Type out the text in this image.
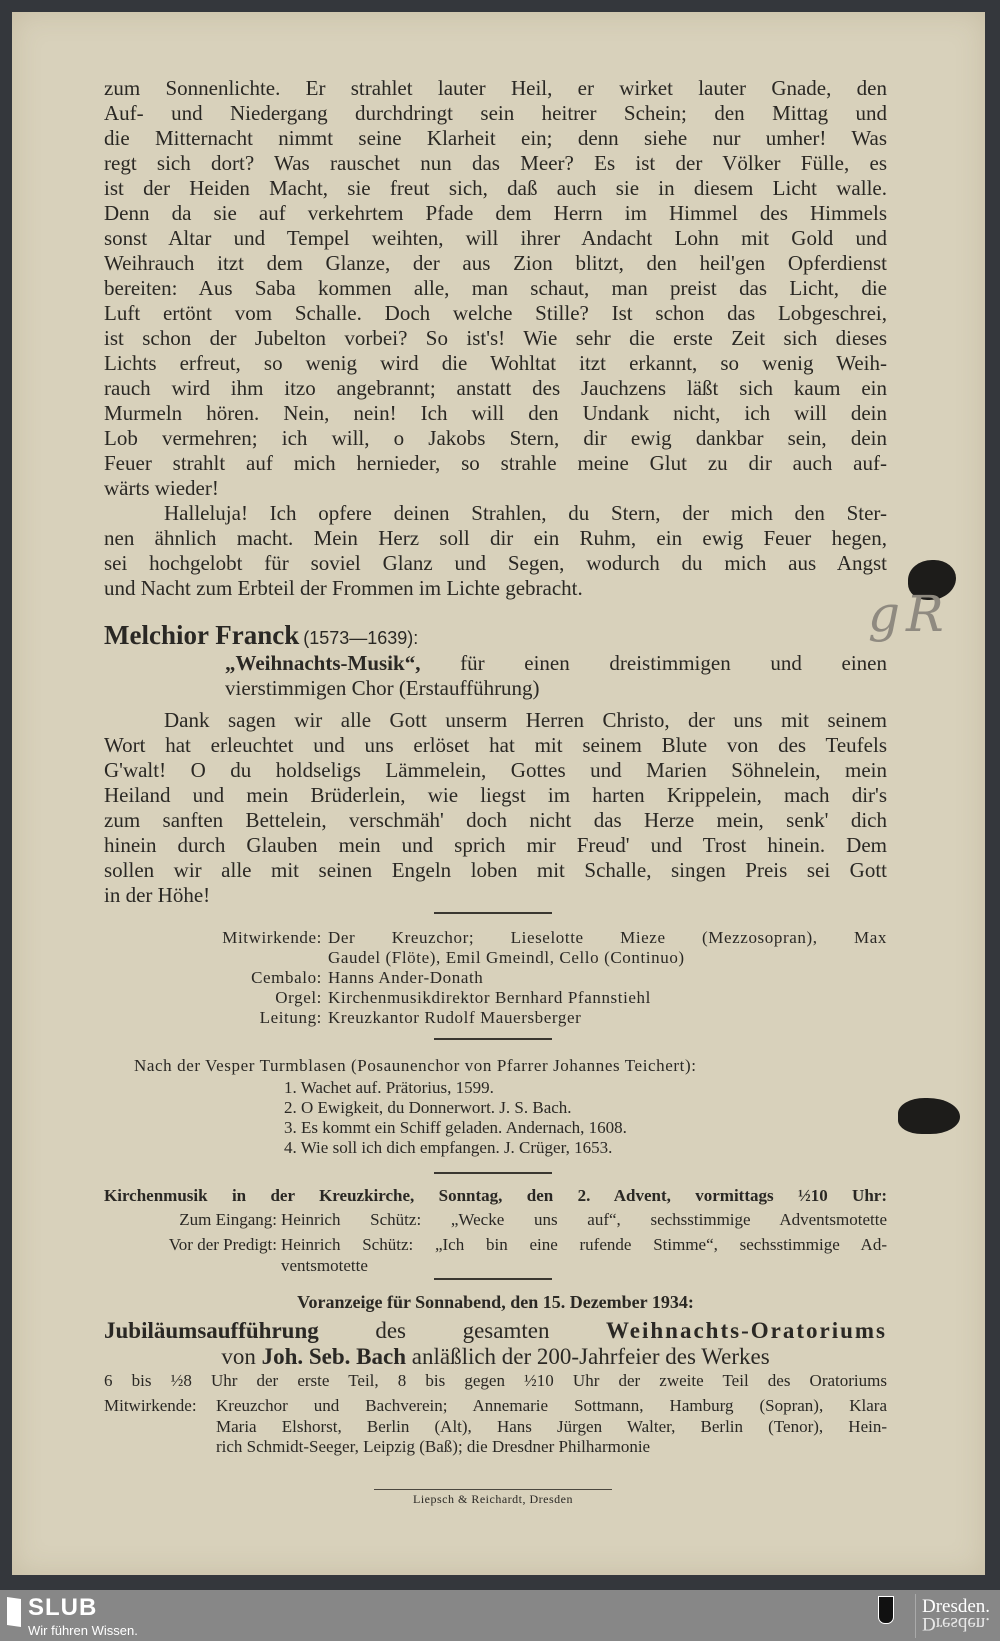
zum Sonnenlichte. Er strahlet lauter Heil, er wirket lauter Gnade, den
Auf- und Niedergang durchdringt sein heitrer Schein; den Mittag und
die Mitternacht nimmt seine Klarheit ein; denn siehe nur umher! Was
regt sich dort? Was rauschet nun das Meer? Es ist der Völker Fülle, es
ist der Heiden Macht, sie freut sich, daß auch sie in diesem Licht walle.
Denn da sie auf verkehrtem Pfade dem Herrn im Himmel des Himmels
sonst Altar und Tempel weihten, will ihrer Andacht Lohn mit Gold und
Weihrauch itzt dem Glanze, der aus Zion blitzt, den heil'gen Opferdienst
bereiten: Aus Saba kommen alle, man schaut, man preist das Licht, die
Luft ertönt vom Schalle. Doch welche Stille? Ist schon das Lobgeschrei,
ist schon der Jubelton vorbei? So ist's! Wie sehr die erste Zeit sich dieses
Lichts erfreut, so wenig wird die Wohltat itzt erkannt, so wenig Weih-
rauch wird ihm itzo angebrannt; anstatt des Jauchzens läßt sich kaum ein
Murmeln hören. Nein, nein! Ich will den Undank nicht, ich will dein
Lob vermehren; ich will, o Jakobs Stern, dir ewig dankbar sein, dein
Feuer strahlt auf mich hernieder, so strahle meine Glut zu dir auch auf-
wärts wieder!
Halleluja! Ich opfere deinen Strahlen, du Stern, der mich den Ster-
nen ähnlich macht. Mein Herz soll dir ein Ruhm, ein ewig Feuer hegen,
sei hochgelobt für soviel Glanz und Segen, wodurch du mich aus Angst
und Nacht zum Erbteil der Frommen im Lichte gebracht.	gR
Melchior Franck (1573—1639):
„Weihnachts-Musik“, für einen dreistimmigen und einen
vierstimmigen Chor (Erstaufführung)
Dank sagen wir alle Gott unserm Herren Christo, der uns mit seinem
Wort hat erleuchtet und uns erlöset hat mit seinem Blute von des Teufels
G'walt! O du holdseligs Lämmelein, Gottes und Marien Söhnelein, mein
Heiland und mein Brüderlein, wie liegst im harten Krippelein, mach dir's
zum sanften Bettelein, verschmäh' doch nicht das Herze mein, senk' dich
hinein durch Glauben mein und sprich mir Freud' und Trost hinein. Dem
sollen wir alle mit seinen Engeln loben mit Schalle, singen Preis sei Gott
in der Höhe!
Mitwirkende: Der Kreuzchor; Lieselotte Mieze (Mezzosopran), Max
Gaudel (Flöte), Emil Gmeindl, Cello (Continuo)
Cembalo: Hanns Ander-Donath
Orgel: Kirchenmusikdirektor Bernhard Pfannstiehl
Leitung: Kreuzkantor Rudolf Mauersberger
Nach der Vesper Turmblasen (Posaunenchor von Pfarrer Johannes Teichert):
1. Wachet auf. Prätorius, 1599.
2. O Ewigkeit, du Donnerwort. J. S. Bach.
3. Es kommt ein Schiff geladen. Andernach, 1608.
4. Wie soll ich dich empfangen. J. Crüger, 1653.
Kirchenmusik in der Kreuzkirche, Sonntag, den 2. Advent, vormittags ½10 Uhr:
Zum Eingang: Heinrich Schütz: „Wecke uns auf“, sechsstimmige Adventsmotette
Vor der Predigt: Heinrich Schütz: „Ich bin eine rufende Stimme“, sechsstimmige Ad-
ventsmotette
Voranzeige für Sonnabend, den 15. Dezember 1934:
Jubiläumsaufführung des gesamten Weihnachts-Oratoriums
von Joh. Seb. Bach anläßlich der 200-Jahrfeier des Werkes
6 bis ½8 Uhr der erste Teil, 8 bis gegen ½10 Uhr der zweite Teil des Oratoriums
Mitwirkende:	Kreuzchor und Bachverein; Annemarie Sottmann, Hamburg (Sopran), Klara
Maria Elshorst, Berlin (Alt), Hans Jürgen Walter, Berlin (Tenor), Hein-
rich Schmidt-Seeger, Leipzig (Baß); die Dresdner Philharmonie
Liepsch & Reichardt, Dresden
SLUB
Wir führen Wissen.
Dresden.
Dresden.
